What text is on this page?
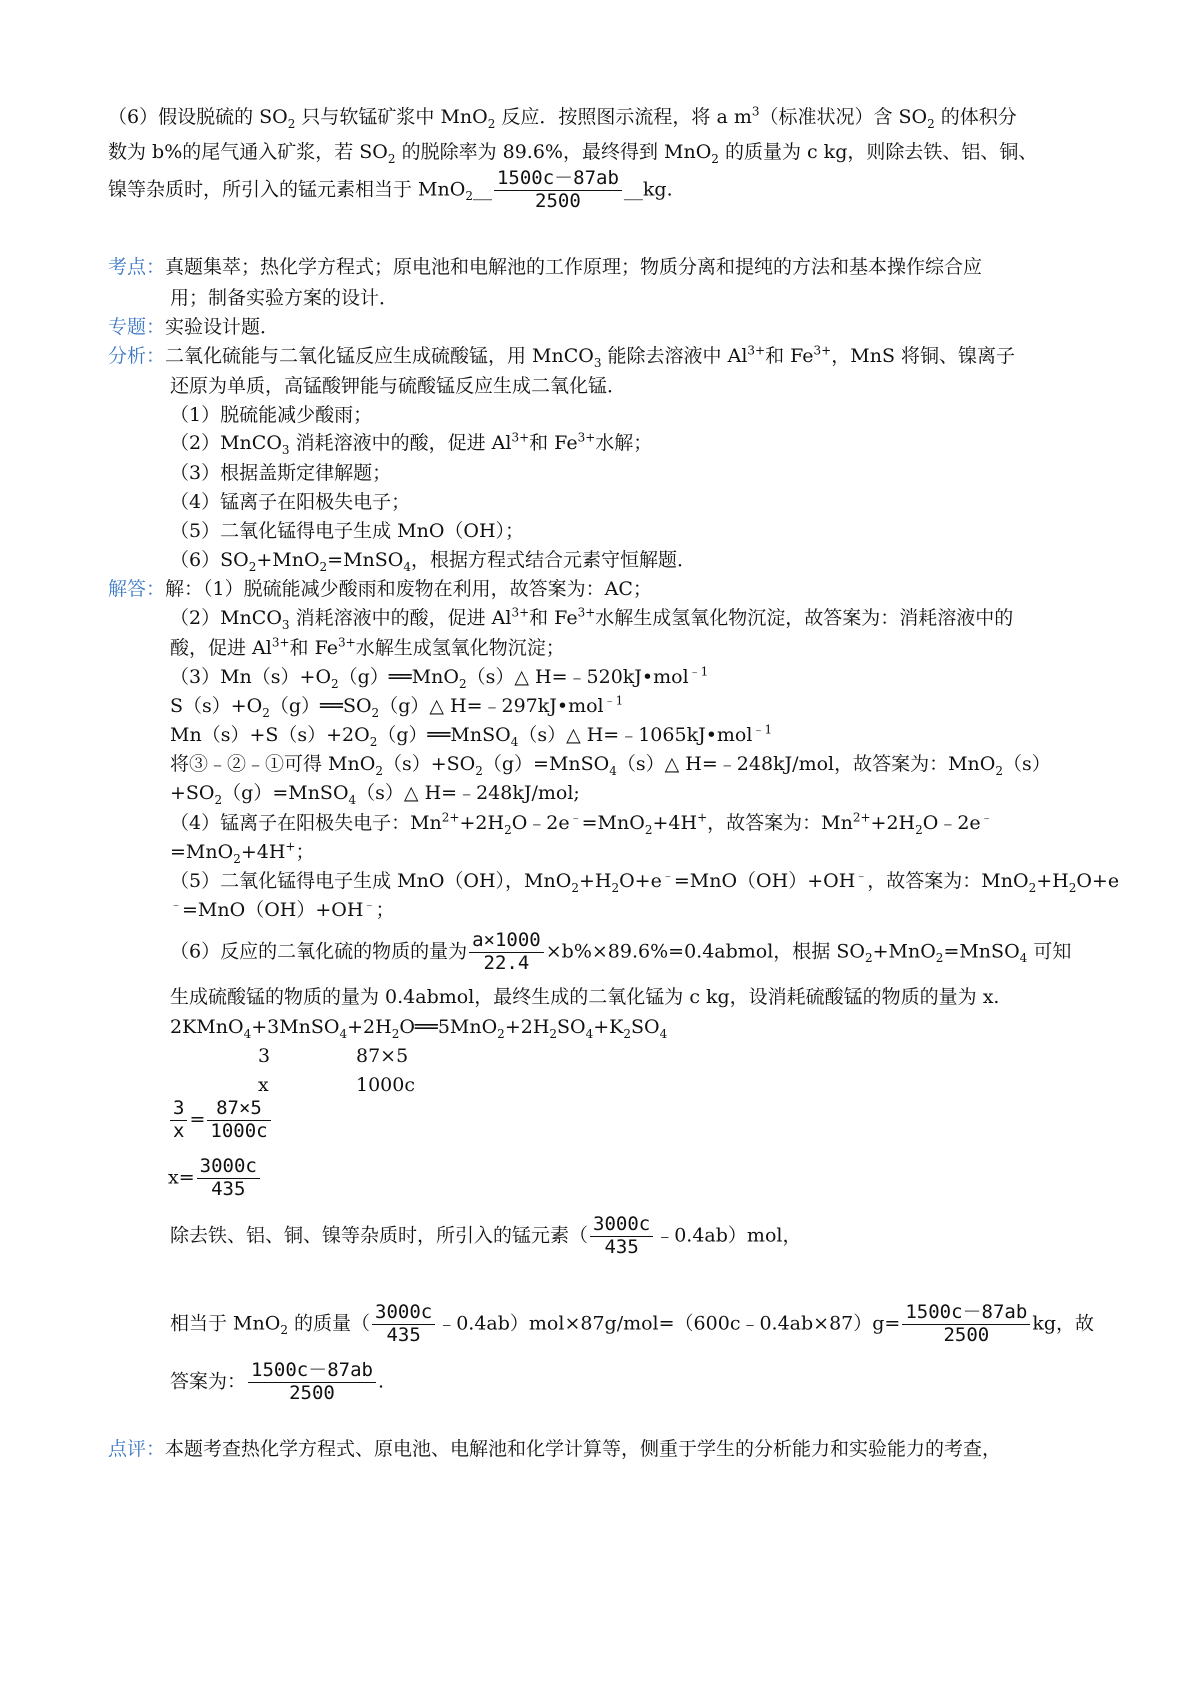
（6）假设脱硫的 $SO_2$ 只与软锰矿浆中 MnO$_2$ 反应．按照图示流程，将 a $m^3$（标准状况）含 $SO_2$ 的体积分
数为 b%的尾气通入矿浆，若 $SO_2$ 的脱除率为 89.6%，最终得到 MnO$_2$ 的质量为 c kg，则除去铁、铝、铜、
镍等杂质时，所引入的锰元素相当于 MnO$_2$__ $\frac{1500c-87ab}{2500}$ __kg.
考点：真题集萃；热化学方程式；原电池和电解池的工作原理；物质分离和提纯的方法和基本操作综合应
用；制备实验方案的设计．
专题：实验设计题．
分析：二氧化硫能与二氧化锰反应生成硫酸锰，用 MnCO$_3$ 能除去溶液中 $Al^{3+}$和 $Fe^{3+}$，MnS 将铜、镍离子
还原为单质，高锰酸钾能与硫酸锰反应生成二氧化锰．
（1）脱硫能减少酸雨；
（2）MnCO$_3$ 消耗溶液中的酸，促进 $Al^{3+}$和 $Fe^{3+}$水解；
（3）根据盖斯定律解题；
（4）锰离子在阳极失电子；
（5）二氧化锰得电子生成 MnO（OH）；
$(6)SO_2+MnO_2=MnSO_4$，根据方程式结合元素守恒解题．
解答：解：（1）脱硫能减少酸雨和废物在利用，故答案为：AC；
（2）MnCO$_3$ 消耗溶液中的酸，促进 $Al^{3+}$和 $Fe^{3+}$水解生成氢氧化物沉淀，故答案为：消耗溶液中的
酸，促进 $Al^{3+}$和 $Fe^{3+}$水解生成氢氧化物沉淀；
$(3)Mn(s)+O_2(g)══MnO_2(s)\triangle$ H=﹣520kJ•mol$^{﹣1}$
$S(s)+O_2(g)══SO_2(g)\triangle$ H=﹣297kJ•mol$^{﹣1}$
$Mn(s)+S(s)+2O_2(g)══MnSO_4(s)\triangle$ H=﹣1065kJ•mol$^{﹣1}$
将③﹣②﹣①可得 $MnO_2(s)+SO_2(g)=MnSO_4(s)\triangle$ H=﹣248kJ/mol，故答案为：MnO$_2$（s）
$+SO_2(g)=MnSO_4(s)\triangle$ H=﹣248kJ/mol;
（4）锰离子在阳极失电子：$Mn^{2+}+2H_2O﹣2e^﹣=MnO_2+4H^+$，故答案为：$Mn^{2+}+2H_2O﹣2e^﹣$
=MnO$_2$+4H+；
（5）二氧化锰得电子生成 MnO（OH），$MnO_2+H_2O+e^﹣=MnO(OH)+OH^﹣$，故答案为：$MnO_2+H_2O+e$
﹣=MnO（OH）+OH﹣；
（6）反应的二氧化硫的物质的量为 $\frac{a\times 1000}{22.4}$ ×b%×89.6%=0.4abmol，根据 $SO_2+MnO_2=MnSO_4$ 可知
生成硫酸锰的物质的量为 0.4abmol，最终生成的二氧化锰为 c kg，设消耗硫酸锰的物质的量为 x.
$2KMnO_4+3MnSO_4+2H_2O══5MnO_2+2H_2SO_4+K_2SO_4$
3	87×5
x	1000c
$\frac{3}{x} = \frac{87\times 5}{1000c}$
$x= \frac{3000c}{435}$
除去铁、铝、铜、镍等杂质时，所引入的锰元素（ $\frac{3000c}{435}$ ﹣0.4ab）mol，
相当于 MnO$_2$ 的质量（ $\frac{3000c}{435}$ ﹣0.4ab）mol×87g/mol=（600c﹣0.4ab×87）g= $\frac{1500c-87ab}{2500}$ kg，故
答案为： $\frac{1500c-87ab}{2500}$ .
点评：本题考查热化学方程式、原电池、电解池和化学计算等，侧重于学生的分析能力和实验能力的考查，
